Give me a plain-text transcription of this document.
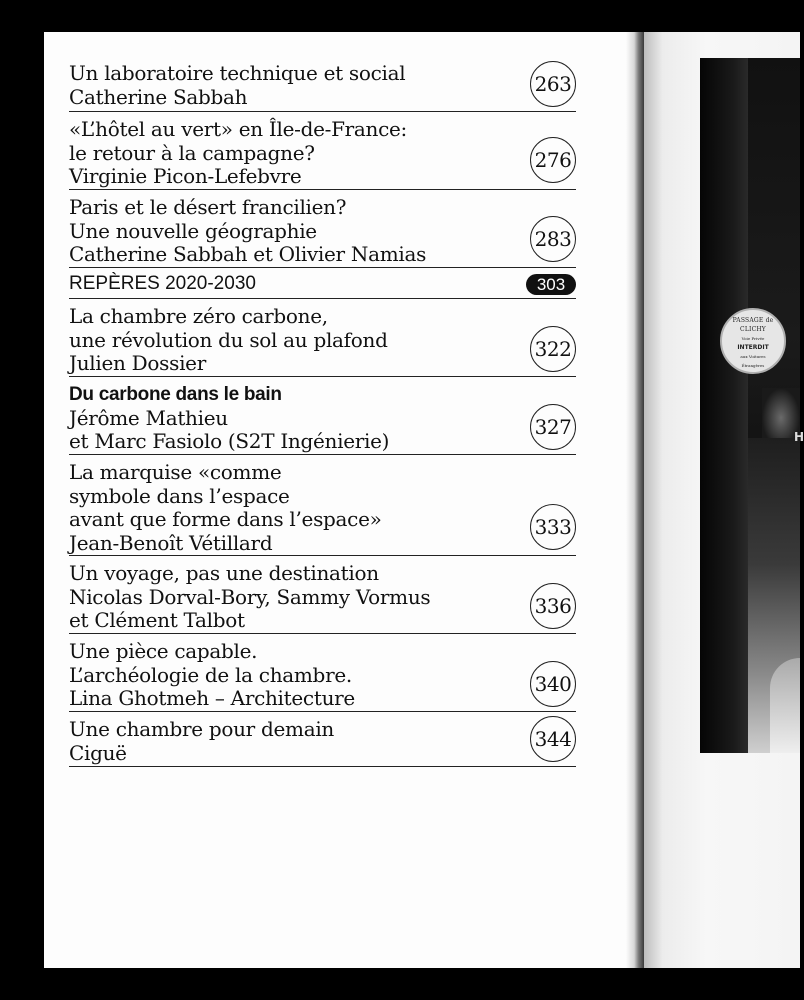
PASSAGE de CLICHY
Voie Privée
INTERDIT
aux Voitures
Étrangères
H
Un laboratoire technique et social
Catherine Sabbah
263
«L’hôtel au vert» en Île-de-France:
le retour à la campagne?
Virginie Picon-Lefebvre
276
Paris et le désert francilien?
Une nouvelle géographie
Catherine Sabbah et Olivier Namias
283
REPÈRES 2020-2030	303
La chambre zéro carbone,
une révolution du sol au plafond
Julien Dossier
322
Du carbone dans le bain
Jérôme Mathieu
et Marc Fasiolo (S2T Ingénierie)
327
La marquise «comme
symbole dans l’espace
avant que forme dans l’espace»
Jean-Benoît Vétillard
333
Un voyage, pas une destination
Nicolas Dorval-Bory, Sammy Vormus
et Clément Talbot
336
Une pièce capable.
L’archéologie de la chambre.
Lina Ghotmeh – Architecture
340
Une chambre pour demain
Ciguë
344
